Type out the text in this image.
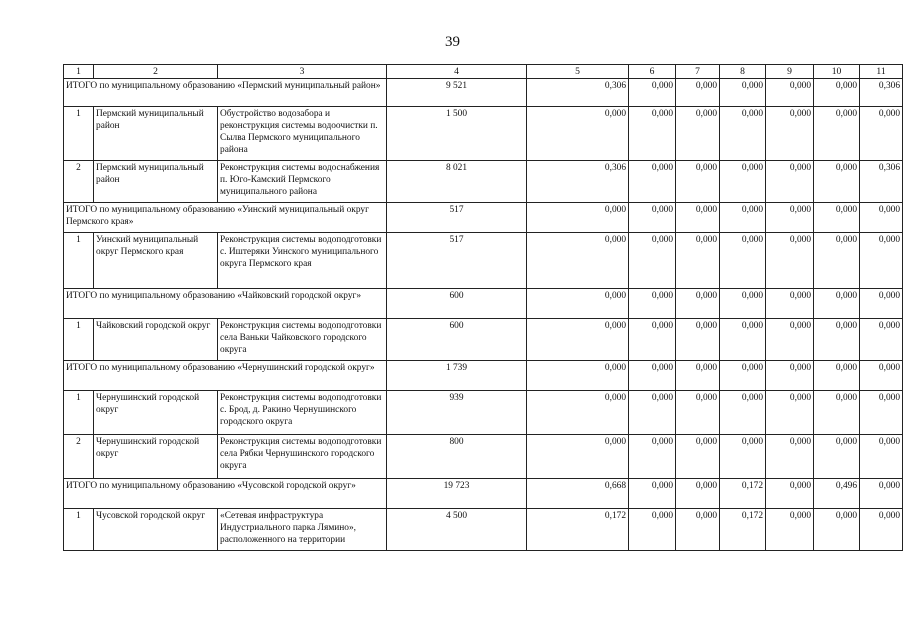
39
1	2	3	4	5	6	7	8	9	10	11
ИТОГО по муниципальному образованию «Пермский муниципальный район»			9 521	0,306	0,000	0,000	0,000	0,000	0,000	0,306
1	Пермский муниципальный район	Обустройство водозабора и реконструкция системы водоочистки п. Сылва Пермского муниципального района	1 500	0,000	0,000	0,000	0,000	0,000	0,000	0,000
2	Пермский муниципальный район	Реконструкция системы водоснабжения п. Юго-Камский Пермского муниципального района	8 021	0,306	0,000	0,000	0,000	0,000	0,000	0,306
ИТОГО по муниципальному образованию «Уинский муниципальный округ Пермского края»			517	0,000	0,000	0,000	0,000	0,000	0,000	0,000
1	Уинский муниципальный округ Пермского края	Реконструкция системы водоподготовки с. Иштеряки Уинского муниципального округа Пермского края	517	0,000	0,000	0,000	0,000	0,000	0,000	0,000
ИТОГО по муниципальному образованию «Чайковский городской округ»			600	0,000	0,000	0,000	0,000	0,000	0,000	0,000
1	Чайковский городской округ	Реконструкция системы водоподготовки села Ваньки Чайковского городского округа	600	0,000	0,000	0,000	0,000	0,000	0,000	0,000
ИТОГО по муниципальному образованию «Чернушинский городской округ»			1 739	0,000	0,000	0,000	0,000	0,000	0,000	0,000
1	Чернушинский городской округ	Реконструкция системы водоподготовки с. Брод, д. Ракино Чернушинского городского округа	939	0,000	0,000	0,000	0,000	0,000	0,000	0,000
2	Чернушинский городской округ	Реконструкция системы водоподготовки села Рябки Чернушинского городского округа	800	0,000	0,000	0,000	0,000	0,000	0,000	0,000
ИТОГО по муниципальному образованию «Чусовской городской округ»			19 723	0,668	0,000	0,000	0,172	0,000	0,496	0,000
1	Чусовской городской округ	«Сетевая инфраструктура Индустриального парка Лямино», расположенного на территории	4 500	0,172	0,000	0,000	0,172	0,000	0,000	0,000
